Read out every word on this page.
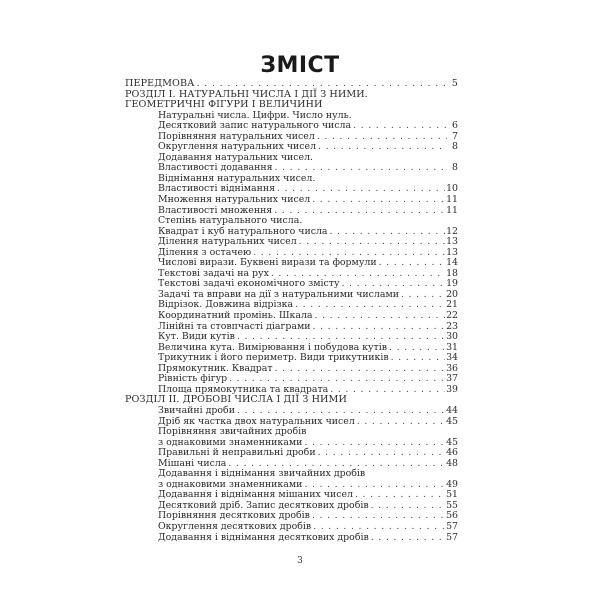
ЗМІСТ
ПЕРЕДМОВА . . .	5
РОЗДІЛ І. НАТУРАЛЬНІ ЧИСЛА І ДІЇ З НИМИ.
ГЕОМЕТРИЧНІ ФІГУРИ І ВЕЛИЧИНИ
Натуральні числа. Цифри. Число нуль.
Десятковий запис натурального числа . . .	6
Порівняння натуральних чисел . . .	7
Округлення натуральних чисел . . .	8
Додавання натуральних чисел.
Властивості додавання . . .	8
Віднімання натуральних чисел.
Властивості віднімання . . .	10
Множення натуральних чисел . . .	11
Властивості множення . . .	11
Степінь натурального числа.
Квадрат і куб натурального числа . . .	12
Ділення натуральних чисел . . .	13
Ділення з остачею . . .	13
Числові вирази. Буквені вирази та формули . . .	14
Текстові задачі на рух . . .	18
Текстові задачі економічного змісту . . .	19
Задачі та вправи на дії з натуральними числами . . .	20
Відрізок. Довжина відрізка . . .	21
Координатний промінь. Шкала . . .	22
Лінійні та стовпчасті діаграми . . .	23
Кут. Види кутів . . .	30
Величина кута. Вимірювання і побудова кутів . . .	31
Трикутник і його периметр. Види трикутників . . .	34
Прямокутник. Квадрат . . .	36
Рівність фігур . . .	37
Площа прямокутника та квадрата . . .	39
РОЗДІЛ ІІ. ДРОБОВІ ЧИСЛА І ДІЇ З НИМИ
Звичайні дроби . . .	44
Дріб як частка двох натуральних чисел . . .	45
Порівняння звичайних дробів
з однаковими знаменниками . . .	45
Правильні й неправильні дроби . . .	46
Мішані числа . . .	48
Додавання і віднімання звичайних дробів
з однаковими знаменниками . . .	49
Додавання і віднімання мішаних чисел . . .	51
Десятковий дріб. Запис десяткових дробів . . .	55
Порівняння десяткових дробів . . .	56
Округлення десяткових дробів . . .	57
Додавання і віднімання десяткових дробів . . .	57
3
